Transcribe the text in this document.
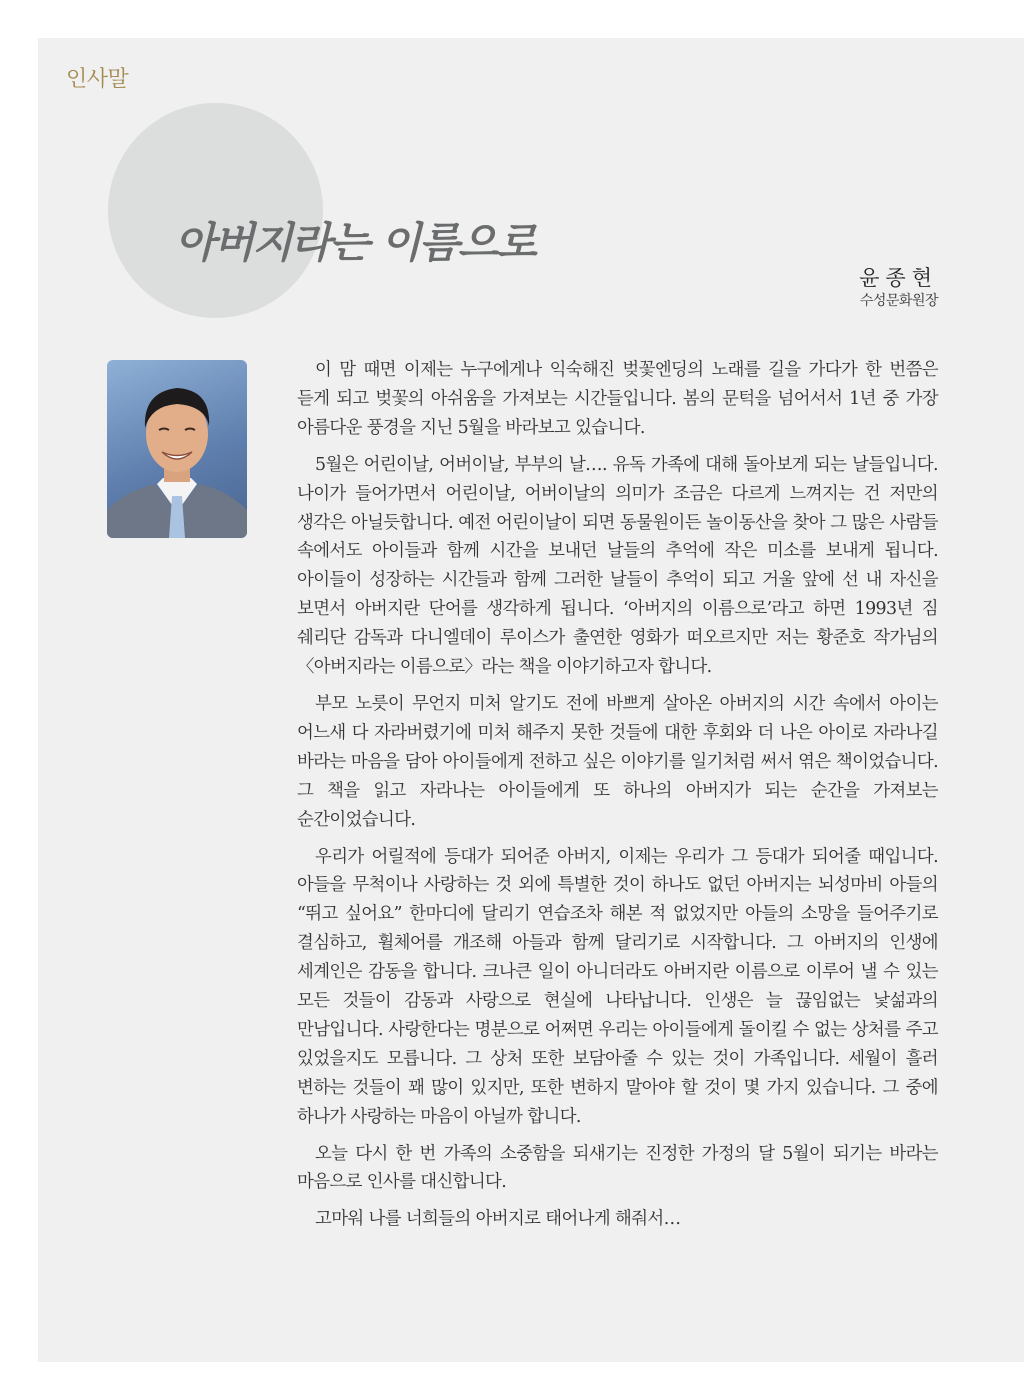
인사말
아버지라는 이름으로
윤종현
수성문화원장

이 맘 때면 이제는 누구에게나 익숙해진 벚꽃엔딩의 노래를 길을 가다가 한 번쯤은 듣게 되고 벚꽃의 아쉬움을 가져보는 시간들입니다. 봄의 문턱을 넘어서서 1년 중 가장 아름다운 풍경을 지닌 5월을 바라보고 있습니다.

5월은 어린이날, 어버이날, 부부의 날…. 유독 가족에 대해 돌아보게 되는 날들입니다. 나이가 들어가면서 어린이날, 어버이날의 의미가 조금은 다르게 느껴지는 건 저만의 생각은 아닐듯합니다. 예전 어린이날이 되면 동물원이든 놀이동산을 찾아 그 많은 사람들 속에서도 아이들과 함께 시간을 보내던 날들의 추억에 작은 미소를 보내게 됩니다. 아이들이 성장하는 시간들과 함께 그러한 날들이 추억이 되고 거울 앞에 선 내 자신을 보면서 아버지란 단어를 생각하게 됩니다. ‘아버지의 이름으로’라고 하면 1993년 짐 쉐리단 감독과 다니엘데이 루이스가 출연한 영화가 떠오르지만 저는 황준호 작가님의 〈아버지라는 이름으로〉라는 책을 이야기하고자 합니다.

부모 노릇이 무언지 미처 알기도 전에 바쁘게 살아온 아버지의 시간 속에서 아이는 어느새 다 자라버렸기에 미처 해주지 못한 것들에 대한 후회와 더 나은 아이로 자라나길 바라는 마음을 담아 아이들에게 전하고 싶은 이야기를 일기처럼 써서 엮은 책이었습니다. 그 책을 읽고 자라나는 아이들에게 또 하나의 아버지가 되는 순간을 가져보는 순간이었습니다.

우리가 어릴적에 등대가 되어준 아버지, 이제는 우리가 그 등대가 되어줄 때입니다. 아들을 무척이나 사랑하는 것 외에 특별한 것이 하나도 없던 아버지는 뇌성마비 아들의 “뛰고 싶어요” 한마디에 달리기 연습조차 해본 적 없었지만 아들의 소망을 들어주기로 결심하고, 휠체어를 개조해 아들과 함께 달리기로 시작합니다. 그 아버지의 인생에 세계인은 감동을 합니다. 크나큰 일이 아니더라도 아버지란 이름으로 이루어 낼 수 있는 모든 것들이 감동과 사랑으로 현실에 나타납니다. 인생은 늘 끊임없는 낯섦과의 만남입니다. 사랑한다는 명분으로 어쩌면 우리는 아이들에게 돌이킬 수 없는 상처를 주고 있었을지도 모릅니다. 그 상처 또한 보담아줄 수 있는 것이 가족입니다. 세월이 흘러 변하는 것들이 꽤 많이 있지만, 또한 변하지 말아야 할 것이 몇 가지 있습니다. 그 중에 하나가 사랑하는 마음이 아닐까 합니다.

오늘 다시 한 번 가족의 소중함을 되새기는 진정한 가정의 달 5월이 되기는 바라는 마음으로 인사를 대신합니다.

고마워 나를 너희들의 아버지로 태어나게 해줘서…
